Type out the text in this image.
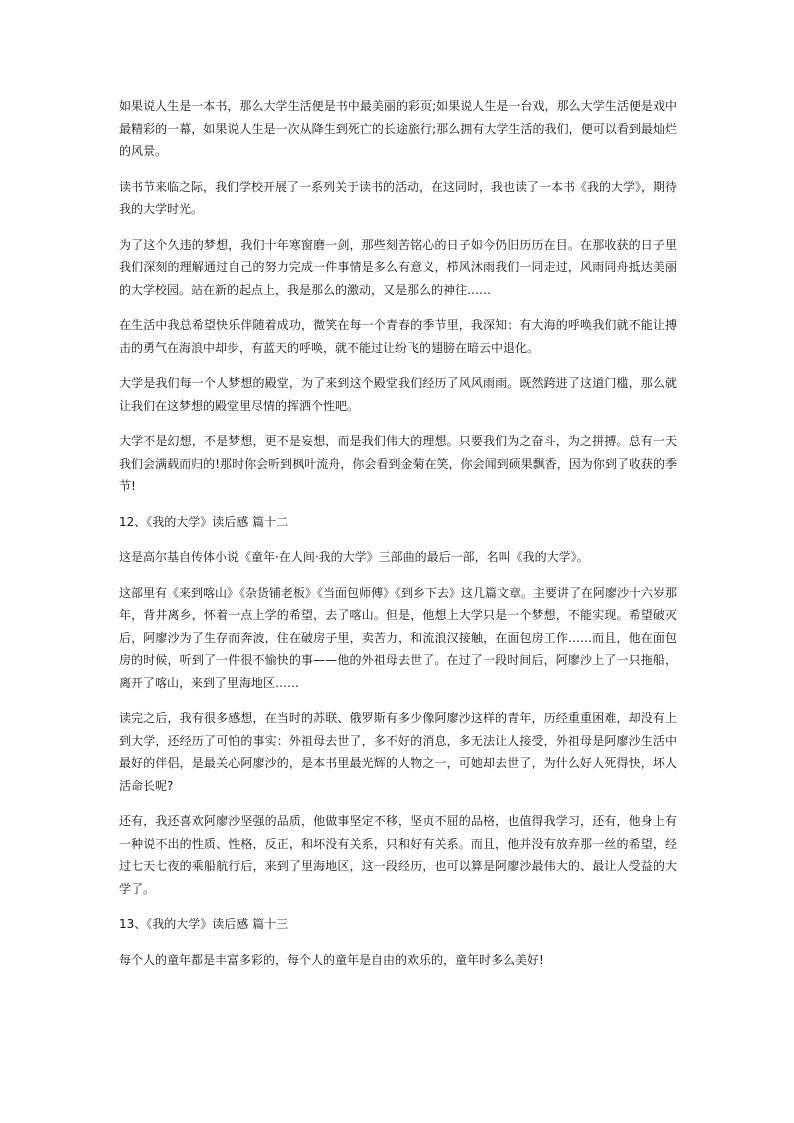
如果说人生是一本书，那么大学生活便是书中最美丽的彩页;如果说人生是一台戏，那么大学生活便是戏中最精彩的一幕，如果说人生是一次从降生到死亡的长途旅行;那么拥有大学生活的我们，便可以看到最灿烂的风景。

读书节来临之际，我们学校开展了一系列关于读书的活动，在这同时，我也读了一本书《我的大学》，期待我的大学时光。

为了这个久违的梦想，我们十年寒窗磨一剑，那些刻苦铭心的日子如今仍旧历历在目。在那收获的日子里我们深刻的理解通过自己的努力完成一件事情是多么有意义，栉风沐雨我们一同走过，风雨同舟抵达美丽的大学校园。站在新的起点上，我是那么的激动，又是那么的神往……

在生活中我总希望快乐伴随着成功，微笑在每一个青春的季节里，我深知：有大海的呼唤我们就不能让搏击的勇气在海浪中却步，有蓝天的呼唤，就不能过让纷飞的翅膀在暗云中退化。

大学是我们每一个人梦想的殿堂，为了来到这个殿堂我们经历了风风雨雨。既然跨进了这道门槛，那么就让我们在这梦想的殿堂里尽情的挥洒个性吧。

大学不是幻想，不是梦想，更不是妄想，而是我们伟大的理想。只要我们为之奋斗，为之拼搏。总有一天我们会满载而归的!那时你会听到枫叶流舟，你会看到金菊在笑，你会闻到硕果飘香，因为你到了收获的季节!

12、《我的大学》读后感 篇十二

这是高尔基自传体小说《童年·在人间·我的大学》三部曲的最后一部，名叫《我的大学》。

这部里有《来到喀山》《杂货铺老板》《当面包师傅》《到乡下去》这几篇文章。主要讲了在阿廖沙十六岁那年，背井离乡，怀着一点上学的希望，去了喀山。但是，他想上大学只是一个梦想，不能实现。希望破灭后，阿廖沙为了生存而奔波，住在破房子里，卖苦力，和流浪汉接触，在面包房工作……而且，他在面包房的时候，听到了一件很不愉快的事——他的外祖母去世了。在过了一段时间后，阿廖沙上了一只拖船，离开了喀山，来到了里海地区……

读完之后，我有很多感想，在当时的苏联、俄罗斯有多少像阿廖沙这样的青年，历经重重困难，却没有上到大学，还经历了可怕的事实：外祖母去世了，多不好的消息，多无法让人接受，外祖母是阿廖沙生活中最好的伴侣，是最关心阿廖沙的，是本书里最光辉的人物之一，可她却去世了，为什么好人死得快，坏人活命长呢?

还有，我还喜欢阿廖沙坚强的品质，他做事坚定不移，坚贞不屈的品格，也值得我学习，还有，他身上有一种说不出的性质、性格，反正，和坏没有关系，只和好有关系。而且，他并没有放弃那一丝的希望，经过七天七夜的乘船航行后，来到了里海地区，这一段经历，也可以算是阿廖沙最伟大的、最让人受益的大学了。

13、《我的大学》读后感 篇十三

每个人的童年都是丰富多彩的，每个人的童年是自由的欢乐的，童年时多么美好!
